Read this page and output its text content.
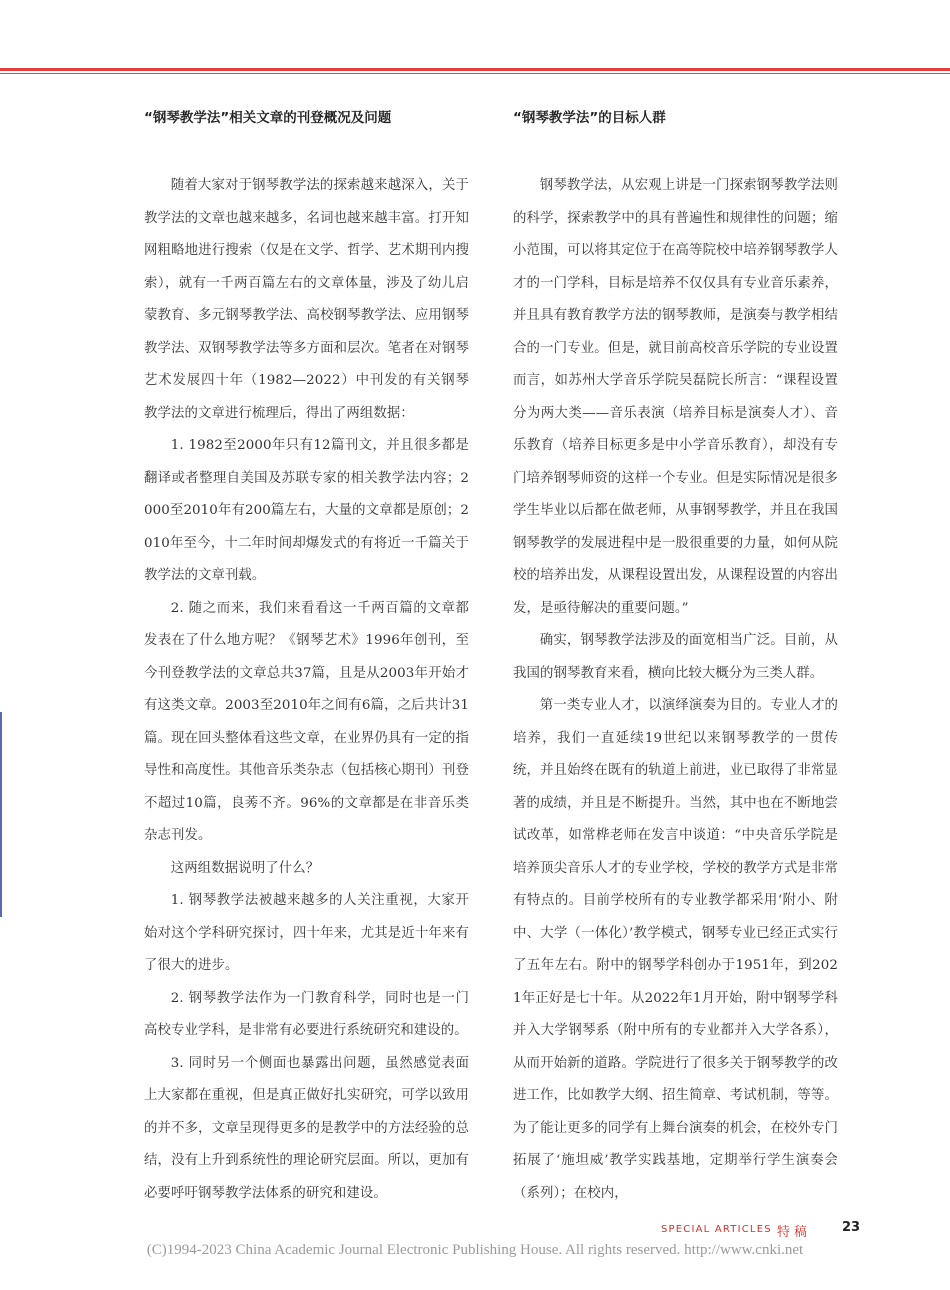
“钢琴教学法”相关文章的刊登概况及问题

随着大家对于钢琴教学法的探索越来越深入，关于教学法的文章也越来越多，名词也越来越丰富。打开知网粗略地进行搜索（仅是在文学、哲学、艺术期刊内搜索），就有一千两百篇左右的文章体量，涉及了幼儿启蒙教育、多元钢琴教学法、高校钢琴教学法、应用钢琴教学法、双钢琴教学法等多方面和层次。笔者在对钢琴艺术发展四十年（1982—2022）中刊发的有关钢琴教学法的文章进行梳理后，得出了两组数据：

1. 1982至2000年只有12篇刊文，并且很多都是翻译或者整理自美国及苏联专家的相关教学法内容；2000至2010年有200篇左右，大量的文章都是原创；2010年至今，十二年时间却爆发式的有将近一千篇关于教学法的文章刊载。

2. 随之而来，我们来看看这一千两百篇的文章都发表在了什么地方呢？《钢琴艺术》1996年创刊，至今刊登教学法的文章总共37篇，且是从2003年开始才有这类文章。2003至2010年之间有6篇，之后共计31篇。现在回头整体看这些文章，在业界仍具有一定的指导性和高度性。其他音乐类杂志（包括核心期刊）刊登不超过10篇，良莠不齐。96%的文章都是在非音乐类杂志刊发。

这两组数据说明了什么？

1. 钢琴教学法被越来越多的人关注重视，大家开始对这个学科研究探讨，四十年来，尤其是近十年来有了很大的进步。

2. 钢琴教学法作为一门教育科学，同时也是一门高校专业学科，是非常有必要进行系统研究和建设的。

3. 同时另一个侧面也暴露出问题，虽然感觉表面上大家都在重视，但是真正做好扎实研究，可学以致用的并不多，文章呈现得更多的是教学中的方法经验的总结，没有上升到系统性的理论研究层面。所以，更加有必要呼吁钢琴教学法体系的研究和建设。

“钢琴教学法”的目标人群

钢琴教学法，从宏观上讲是一门探索钢琴教学法则的科学，探索教学中的具有普遍性和规律性的问题；缩小范围，可以将其定位于在高等院校中培养钢琴教学人才的一门学科，目标是培养不仅仅具有专业音乐素养，并且具有教育教学方法的钢琴教师，是演奏与教学相结合的一门专业。但是，就目前高校音乐学院的专业设置而言，如苏州大学音乐学院吴磊院长所言：“课程设置分为两大类——音乐表演（培养目标是演奏人才）、音乐教育（培养目标更多是中小学音乐教育），却没有专门培养钢琴师资的这样一个专业。但是实际情况是很多学生毕业以后都在做老师，从事钢琴教学，并且在我国钢琴教学的发展进程中是一股很重要的力量，如何从院校的培养出发，从课程设置出发，从课程设置的内容出发，是亟待解决的重要问题。”

确实，钢琴教学法涉及的面宽相当广泛。目前，从我国的钢琴教育来看，横向比较大概分为三类人群。

第一类专业人才，以演绎演奏为目的。专业人才的培养，我们一直延续19世纪以来钢琴教学的一贯传统，并且始终在既有的轨道上前进，业已取得了非常显著的成绩，并且是不断提升。当然，其中也在不断地尝试改革，如常桦老师在发言中谈道：“中央音乐学院是培养顶尖音乐人才的专业学校，学校的教学方式是非常有特点的。目前学校所有的专业教学都采用‘附小、附中、大学（一体化）’教学模式，钢琴专业已经正式实行了五年左右。附中的钢琴学科创办于1951年，到2021年正好是七十年。从2022年1月开始，附中钢琴学科并入大学钢琴系（附中所有的专业都并入大学各系），从而开始新的道路。学院进行了很多关于钢琴教学的改进工作，比如教学大纲、招生简章、考试机制，等等。为了能让更多的同学有上舞台演奏的机会，在校外专门拓展了‘施坦威’教学实践基地，定期举行学生演奏会（系列）；在校内，

SPECIAL ARTICLES 特稿 23
(C)1994-2023 China Academic Journal Electronic Publishing House. All rights reserved. http://www.cnki.net
